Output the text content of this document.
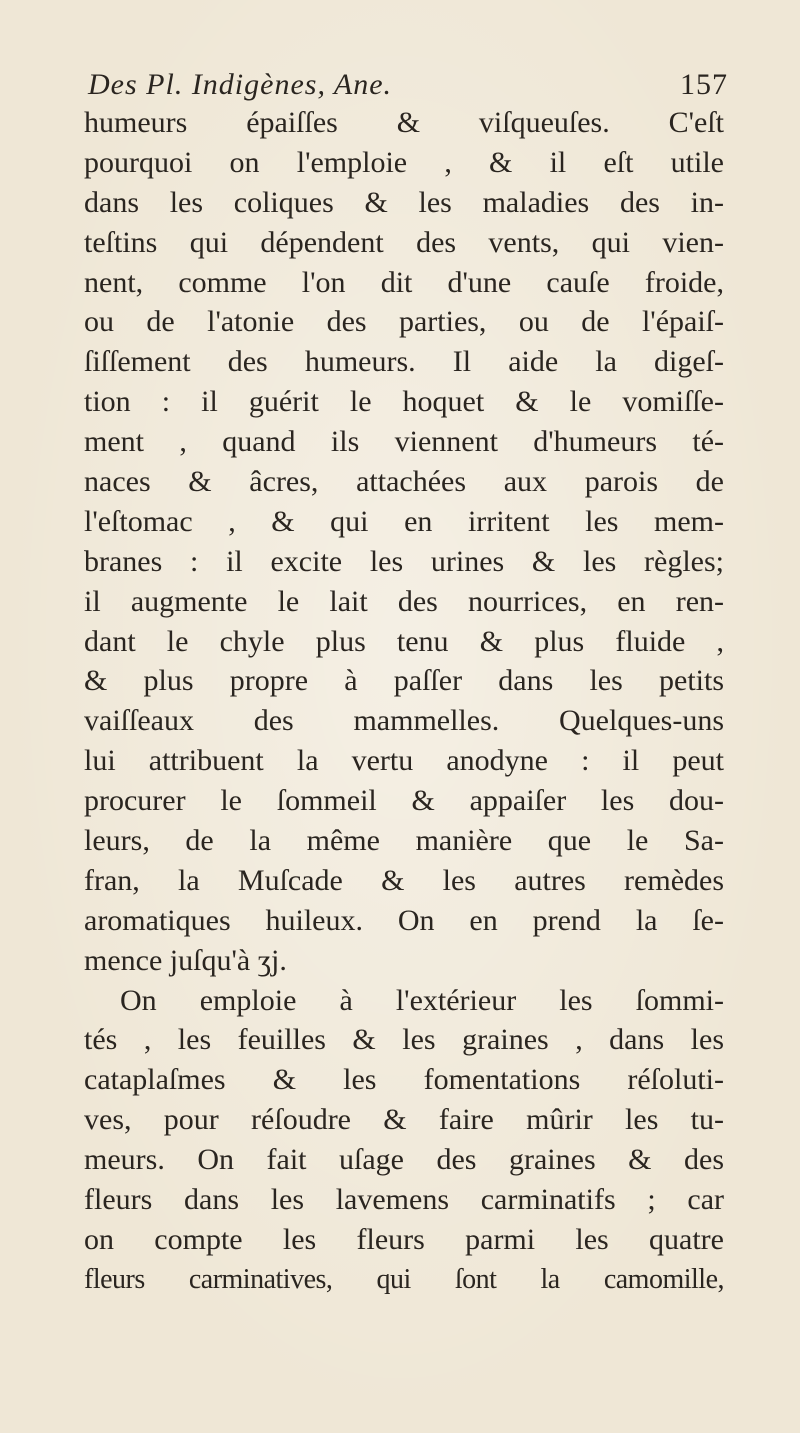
Des Pl. Indigènes, Ane.	157
humeurs épaiſſes & viſqueuſes. C'eſt
pourquoi on l'emploie , & il eſt utile
dans les coliques & les maladies des in-
teſtins qui dépendent des vents, qui vien-
nent, comme l'on dit d'une cauſe froide,
ou de l'atonie des parties, ou de l'épaiſ-
ſiſſement des humeurs. Il aide la digeſ-
tion : il guérit le hoquet & le vomiſſe-
ment , quand ils viennent d'humeurs té-
naces & âcres, attachées aux parois de
l'eſtomac , & qui en irritent les mem-
branes : il excite les urines & les règles;
il augmente le lait des nourrices, en ren-
dant le chyle plus tenu & plus fluide ,
& plus propre à paſſer dans les petits
vaiſſeaux des mammelles. Quelques-uns
lui attribuent la vertu anodyne : il peut
procurer le ſommeil & appaiſer les dou-
leurs, de la même manière que le Sa-
fran, la Muſcade & les autres remèdes
aromatiques huileux. On en prend la ſe-
mence juſqu'à ʒj.
On emploie à l'extérieur les ſommi-
tés , les feuilles & les graines , dans les
cataplaſmes & les fomentations réſoluti-
ves, pour réſoudre & faire mûrir les tu-
meurs. On fait uſage des graines & des
fleurs dans les lavemens carminatifs ; car
on compte les fleurs parmi les quatre
fleurs carminatives, qui ſont la camomille,
